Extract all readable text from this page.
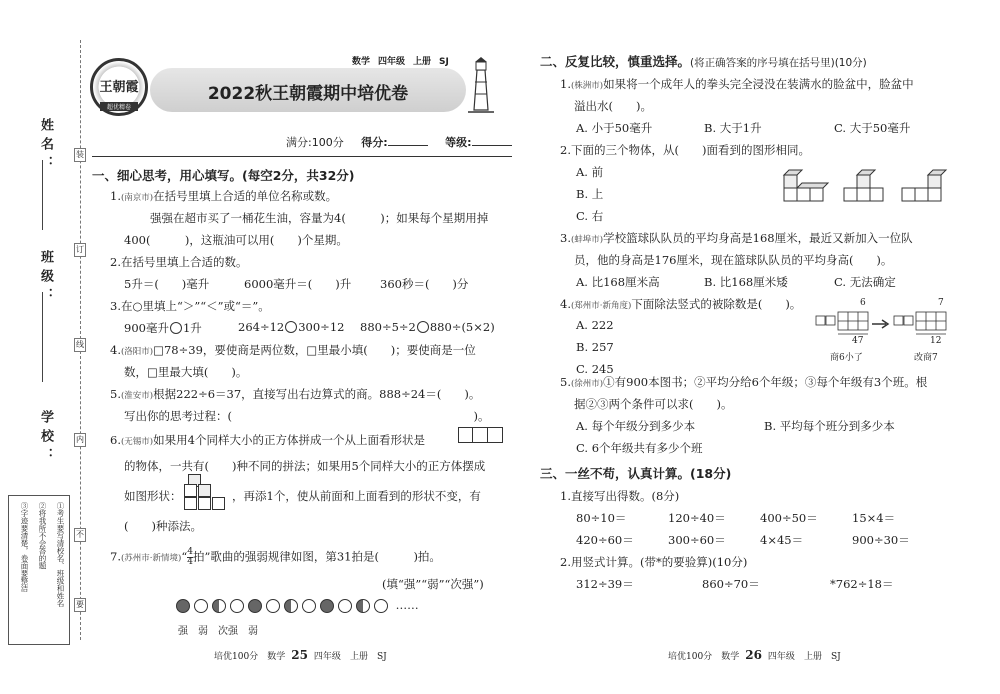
装
订
线
内
不
要
姓名：
班级：
学校：
①考生要写清校名、班级和姓名
②将我所不会答的题
③字迹要清楚，卷面要整洁
王朝霞
超优精卷
数学 四年级 上册 SJ
2022秋王朝霞期中培优卷
满分:100分 得分:	等级:
一、细心思考，用心填写。(每空2分，共32分)
1.(南京市)在括号里填上合适的单位名称或数。
强强在超市买了一桶花生油，容量为4(　　　)；如果每个星期用掉
400(　　　)，这瓶油可以用(　　)个星期。
2.在括号里填上合适的数。
5升＝(　　)毫升	6000毫升＝(　　)升	360秒＝(　　)分
3.在○里填上“＞”“＜”或“＝”。
900毫升 1升	264÷12 300÷12 880÷5÷2 880÷(5×2)
4.(洛阳市)□78÷39，要使商是两位数，□里最小填(　　)；要使商是一位
数，□里最大填(　　)。
5.(淮安市)根据222÷6＝37，直接写出右边算式的商。888÷24＝(　　)。
写出你的思考过程：(　　　　　　　　　　　　　　　　　　　　　)。
6.(无锡市)如果用4个同样大小的正方体拼成一个从上面看形状是
的物体，一共有(　　)种不同的拼法；如果用5个同样大小的正方体摆成
如图形状：	，再添1个，使从前面和上面看到的形状不变，有
(　　)种添法。
7.(苏州市·新情境)“ $\frac{4}{4}$ 拍”歌曲的强弱规律如图，第31拍是(　　　)拍。
(填“强”“弱”“次强”)
……
强　弱　次强　弱
培优100分　 数学 25 四年级　 上册　 SJ
二、反复比较，慎重选择。(将正确答案的序号填在括号里)(10分)
1.(株洲市)如果将一个成年人的拳头完全浸没在装满水的脸盆中，脸盆中
溢出水(　　)。
A. 小于50毫升	B. 大于1升	C. 大于50毫升
2.下面的三个物体，从(　　)面看到的图形相同。
A. 前
B. 上
C. 右
3.(蚌埠市)学校篮球队队员的平均身高是168厘米，最近又新加入一位队
员，他的身高是176厘米，现在篮球队队员的平均身高(　　)。
A. 比168厘米高	B. 比168厘米矮	C. 无法确定
4.(郑州市·新角度)下面除法竖式的被除数是(　　)。
A. 222
B. 257
C. 245
6
47
商6小了
7
12
改商7
5.(徐州市)①有900本图书；②平均分给6个年级；③每个年级有3个班。根
据②③两个条件可以求(　　)。
A. 每个年级分到多少本	B. 平均每个班分到多少本
C. 6个年级共有多少个班
三、一丝不苟，认真计算。(18分)
1.直接写出得数。(8分)
80÷10＝	120÷40＝	400÷50＝	15×4＝
420÷60＝	300÷60＝	4×45＝	900÷30＝
2.用竖式计算。(带*的要验算)(10分)
312÷39＝	860÷70＝	*762÷18＝
培优100分　 数学 26 四年级　 上册　 SJ
